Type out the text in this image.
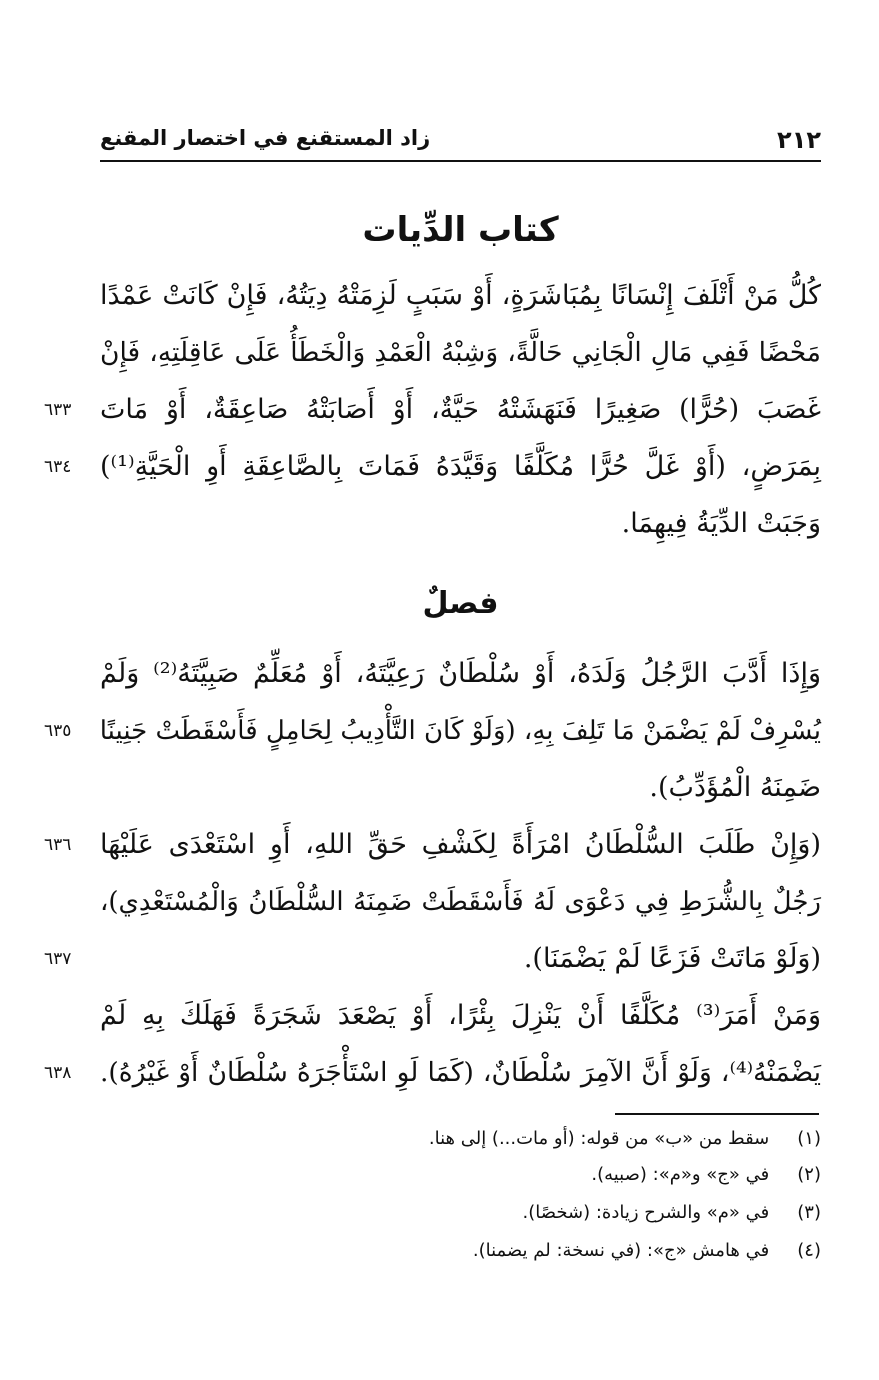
٢١٢
زاد المستقنع في اختصار المقنع
كتاب الدِّيات
كُلُّ مَنْ أَتْلَفَ إِنْسَانًا بِمُبَاشَرَةٍ، أَوْ سَبَبٍ لَزِمَتْهُ دِيَتُهُ، فَإِنْ كَانَتْ عَمْدًا
مَحْضًا فَفِي مَالِ الْجَانِي حَالَّةً، وَشِبْهُ الْعَمْدِ وَالْخَطَأُ عَلَى عَاقِلَتِهِ، فَإِنْ
غَصَبَ (حُرًّا) صَغِيرًا فَنَهَشَتْهُ حَيَّةٌ، أَوْ أَصَابَتْهُ صَاعِقَةٌ، أَوْ مَاتَ
بِمَرَضٍ، (أَوْ غَلَّ حُرًّا مُكَلَّفًا وَقَيَّدَهُ فَمَاتَ بِالصَّاعِقَةِ أَوِ الْحَيَّةِ⁽¹⁾)
وَجَبَتْ الدِّيَةُ فِيهِمَا.
فصلٌ
وَإِذَا أَدَّبَ الرَّجُلُ وَلَدَهُ، أَوْ سُلْطَانٌ رَعِيَّتَهُ، أَوْ مُعَلِّمٌ صَبِيَّتَهُ⁽²⁾ وَلَمْ
يُسْرِفْ لَمْ يَضْمَنْ مَا تَلِفَ بِهِ، (وَلَوْ كَانَ التَّأْدِيبُ لِحَامِلٍ فَأَسْقَطَتْ جَنِينًا
ضَمِنَهُ الْمُؤَدِّبُ).
(وَإِنْ طَلَبَ السُّلْطَانُ امْرَأَةً لِكَشْفِ حَقِّ اللهِ، أَوِ اسْتَعْدَى عَلَيْهَا
رَجُلٌ بِالشُّرَطِ فِي دَعْوَى لَهُ فَأَسْقَطَتْ ضَمِنَهُ السُّلْطَانُ وَالْمُسْتَعْدِي)،
(وَلَوْ مَاتَتْ فَزَعًا لَمْ يَضْمَنَا).
وَمَنْ أَمَرَ⁽³⁾ مُكَلَّفًا أَنْ يَنْزِلَ بِئْرًا، أَوْ يَصْعَدَ شَجَرَةً فَهَلَكَ بِهِ لَمْ
يَضْمَنْهُ⁽⁴⁾، وَلَوْ أَنَّ الآمِرَ سُلْطَانٌ، (كَمَا لَوِ اسْتَأْجَرَهُ سُلْطَانٌ أَوْ غَيْرُهُ).
٦٣٣
٦٣٤
٦٣٥
٦٣٦
٦٣٧
٦٣٨
(١) سقط من «ب» من قوله: (أو مات...) إلى هنا.
(٢) في «ج» و«م»: (صبيه).
(٣) في «م» والشرح زيادة: (شخصًا).
(٤) في هامش «ج»: (في نسخة: لم يضمنا).
